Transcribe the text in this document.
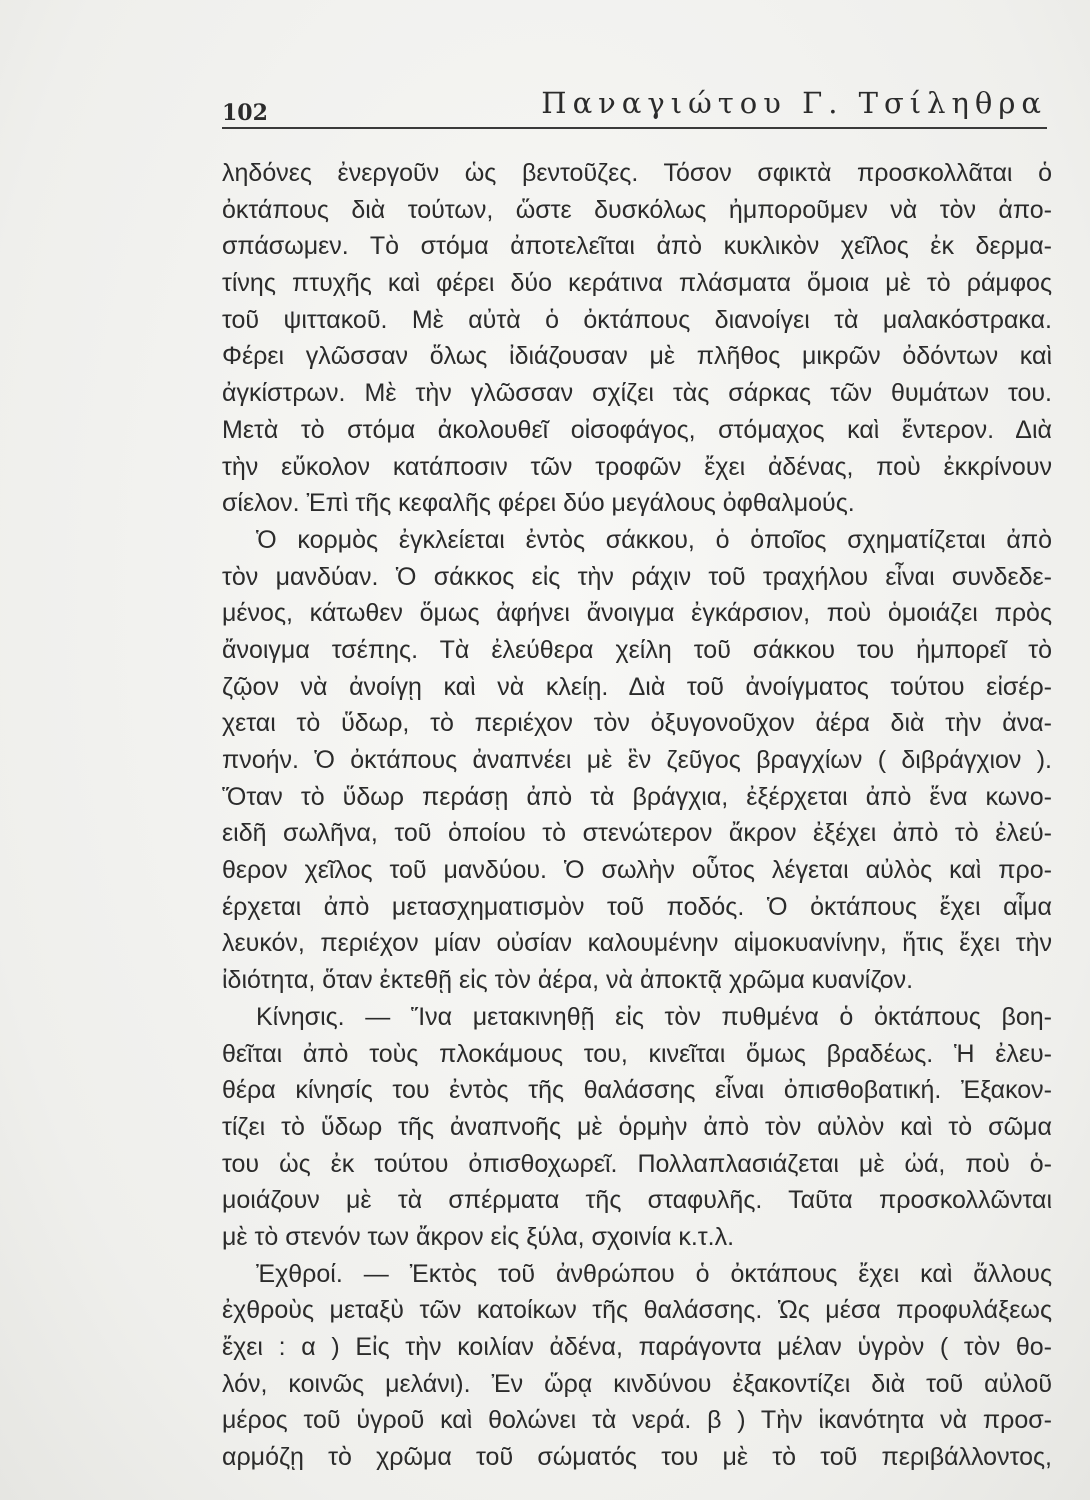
102	Παναγιώτου Γ. Τσίληθρα
ληδόνες ἐνεργοῦν ὡς βεντοῦζες. Τόσον σφικτὰ προσκολλᾶται ὁ
ὀκτάπους διὰ τούτων, ὥστε δυσκόλως ἠμποροῦμεν νὰ τὸν ἀπο-
σπάσωμεν. Τὸ στόμα ἀποτελεῖται ἀπὸ κυκλικὸν χεῖλος ἐκ δερμα-
τίνης πτυχῆς καὶ φέρει δύο κεράτινα πλάσματα ὅμοια μὲ τὸ ράμφος
τοῦ ψιττακοῦ. Μὲ αὐτὰ ὁ ὀκτάπους διανοίγει τὰ μαλακόστρακα.
Φέρει γλῶσσαν ὅλως ἰδιάζουσαν μὲ πλῆθος μικρῶν ὀδόντων καὶ
ἀγκίστρων. Μὲ τὴν γλῶσσαν σχίζει τὰς σάρκας τῶν θυμάτων του.
Μετὰ τὸ στόμα ἀκολουθεῖ οἰσοφάγος, στόμαχος καὶ ἔντερον. Διὰ
τὴν εὔκολον κατάποσιν τῶν τροφῶν ἔχει ἀδένας, ποὺ ἐκκρίνουν
σίελον. Ἐπὶ τῆς κεφαλῆς φέρει δύο μεγάλους ὀφθαλμούς.
Ὁ κορμὸς ἐγκλείεται ἐντὸς σάκκου, ὁ ὁποῖος σχηματίζεται ἀπὸ
τὸν μανδύαν. Ὁ σάκκος εἰς τὴν ράχιν τοῦ τραχήλου εἶναι συνδεδε-
μένος, κάτωθεν ὅμως ἀφήνει ἄνοιγμα ἐγκάρσιον, ποὺ ὁμοιάζει πρὸς
ἄνοιγμα τσέπης. Τὰ ἐλεύθερα χείλη τοῦ σάκκου του ἠμπορεῖ τὸ
ζῷον νὰ ἀνοίγῃ καὶ νὰ κλείῃ. Διὰ τοῦ ἀνοίγματος τούτου εἰσέρ-
χεται τὸ ὕδωρ, τὸ περιέχον τὸν ὀξυγονοῦχον ἀέρα διὰ τὴν ἀνα-
πνοήν. Ὁ ὀκτάπους ἀναπνέει μὲ ἓν ζεῦγος βραγχίων ( διβράγχιον ).
Ὅταν τὸ ὕδωρ περάσῃ ἀπὸ τὰ βράγχια, ἐξέρχεται ἀπὸ ἕνα κωνο-
ειδῆ σωλῆνα, τοῦ ὁποίου τὸ στενώτερον ἄκρον ἐξέχει ἀπὸ τὸ ἐλεύ-
θερον χεῖλος τοῦ μανδύου. Ὁ σωλὴν οὗτος λέγεται αὐλὸς καὶ προ-
έρχεται ἀπὸ μετασχηματισμὸν τοῦ ποδός. Ὁ ὀκτάπους ἔχει αἷμα
λευκόν, περιέχον μίαν οὐσίαν καλουμένην αἱμοκυανίνην, ἥτις ἔχει τὴν
ἰδιότητα, ὅταν ἐκτεθῇ εἰς τὸν ἀέρα, νὰ ἀποκτᾷ χρῶμα κυανίζον.
Κίνησις. — Ἵνα μετακινηθῇ εἰς τὸν πυθμένα ὁ ὀκτάπους βοη-
θεῖται ἀπὸ τοὺς πλοκάμους του, κινεῖται ὅμως βραδέως. Ἡ ἐλευ-
θέρα κίνησίς του ἐντὸς τῆς θαλάσσης εἶναι ὀπισθοβατική. Ἐξακον-
τίζει τὸ ὕδωρ τῆς ἀναπνοῆς μὲ ὁρμὴν ἀπὸ τὸν αὐλὸν καὶ τὸ σῶμα
του ὡς ἐκ τούτου ὀπισθοχωρεῖ. Πολλαπλασιάζεται μὲ ὠά, ποὺ ὁ-
μοιάζουν μὲ τὰ σπέρματα τῆς σταφυλῆς. Ταῦτα προσκολλῶνται
μὲ τὸ στενόν των ἄκρον εἰς ξύλα, σχοινία κ.τ.λ.
Ἐχθροί. — Ἐκτὸς τοῦ ἀνθρώπου ὁ ὀκτάπους ἔχει καὶ ἄλλους
ἐχθροὺς μεταξὺ τῶν κατοίκων τῆς θαλάσσης. Ὡς μέσα προφυλάξεως
ἔχει : α ) Εἰς τὴν κοιλίαν ἀδένα, παράγοντα μέλαν ὑγρὸν ( τὸν θο-
λόν, κοινῶς μελάνι). Ἐν ὥρᾳ κινδύνου ἐξακοντίζει διὰ τοῦ αὐλοῦ
μέρος τοῦ ὑγροῦ καὶ θολώνει τὰ νερά. β ) Τὴν ἱκανότητα νὰ προσ-
αρμόζῃ τὸ χρῶμα τοῦ σώματός του μὲ τὸ τοῦ περιβάλλοντος,
